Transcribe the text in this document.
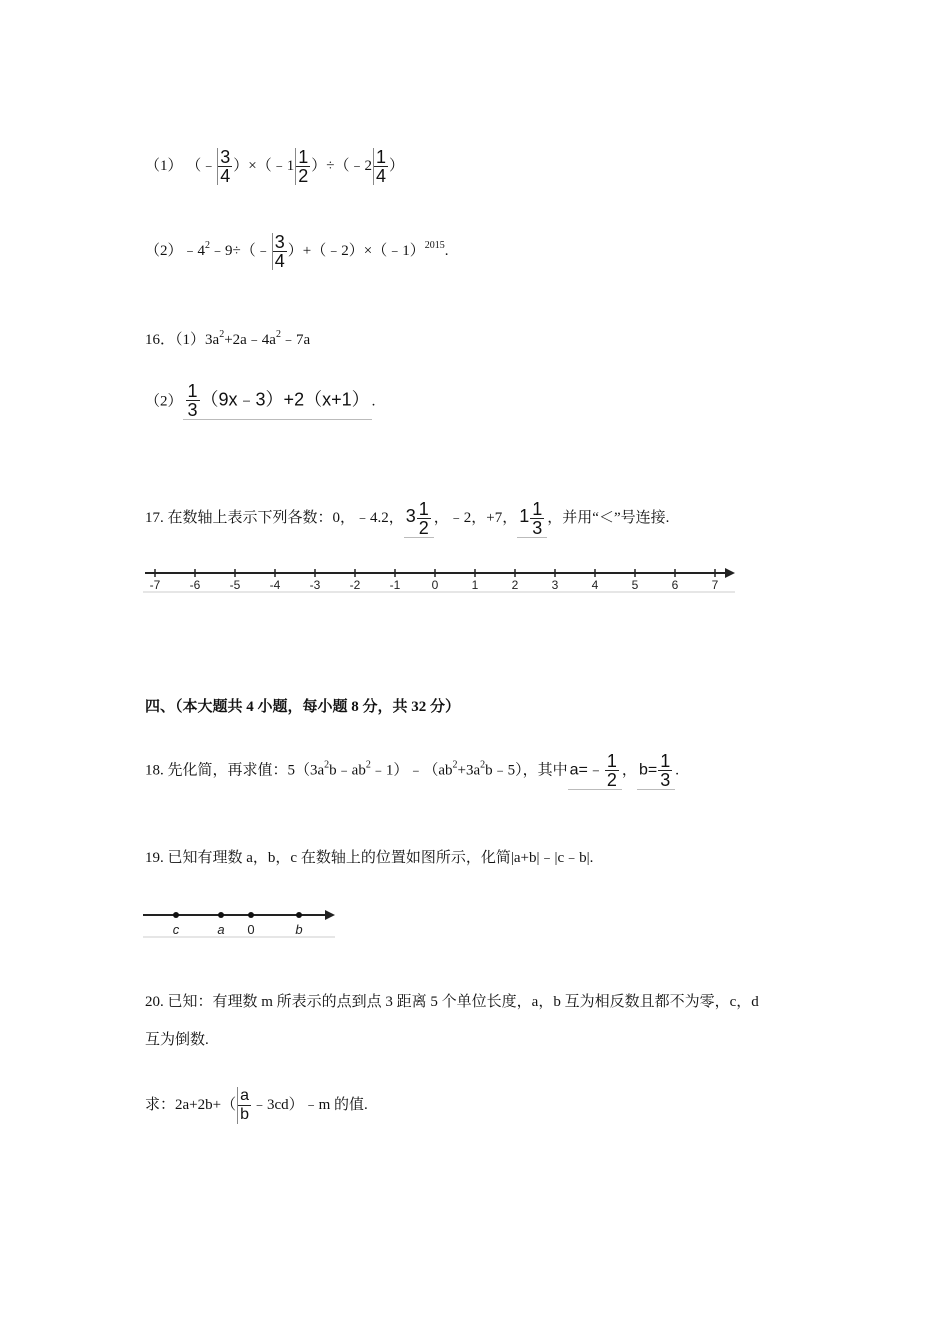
（1） （﹣ $\frac{3}{4}$ ）×（﹣1 $\frac{1}{2}$ ）÷（﹣2 $\frac{1}{4}$ ）
$(2)﹣4^2﹣9\div(﹣ \frac{3}{4}$ ）+（﹣2）×（﹣1）$^{2015}$.
16．$(1)3a^2+2a﹣4a^2﹣7a$
$(2) \frac{1}{3}$ （9x﹣3）+2（x+1） .
17. 在数轴上表示下列各数：0，﹣4.2， $3 \frac{1}{2}$ ，﹣2，+7， $1 \frac{1}{3}$ ，并用“＜”号连接.
-7 -6 -5 -4 -3 -2 -1	0	1	2	3	4	5	6	7
四、（本大题共 4 小题，每小题 8 分，共 32 分）
18. 先化简，再求值：$5(3a^2b﹣ab^2﹣1)﹣(ab^2+3a^2b﹣5)$，其中 a=﹣ $\frac{1}{2}$ ， $b= \frac{1}{3}$ .
19. 已知有理数 a，b，c 在数轴上的位置如图所示，化简|a+b|﹣|c﹣b|.
c	a 0	b
20. 已知：有理数 m 所表示的点到点 3 距离 5 个单位长度，a，b 互为相反数且都不为零，c，d
互为倒数.
求：$2a+2b+( \frac{a}{b}$ ﹣3cd）﹣m 的值.
